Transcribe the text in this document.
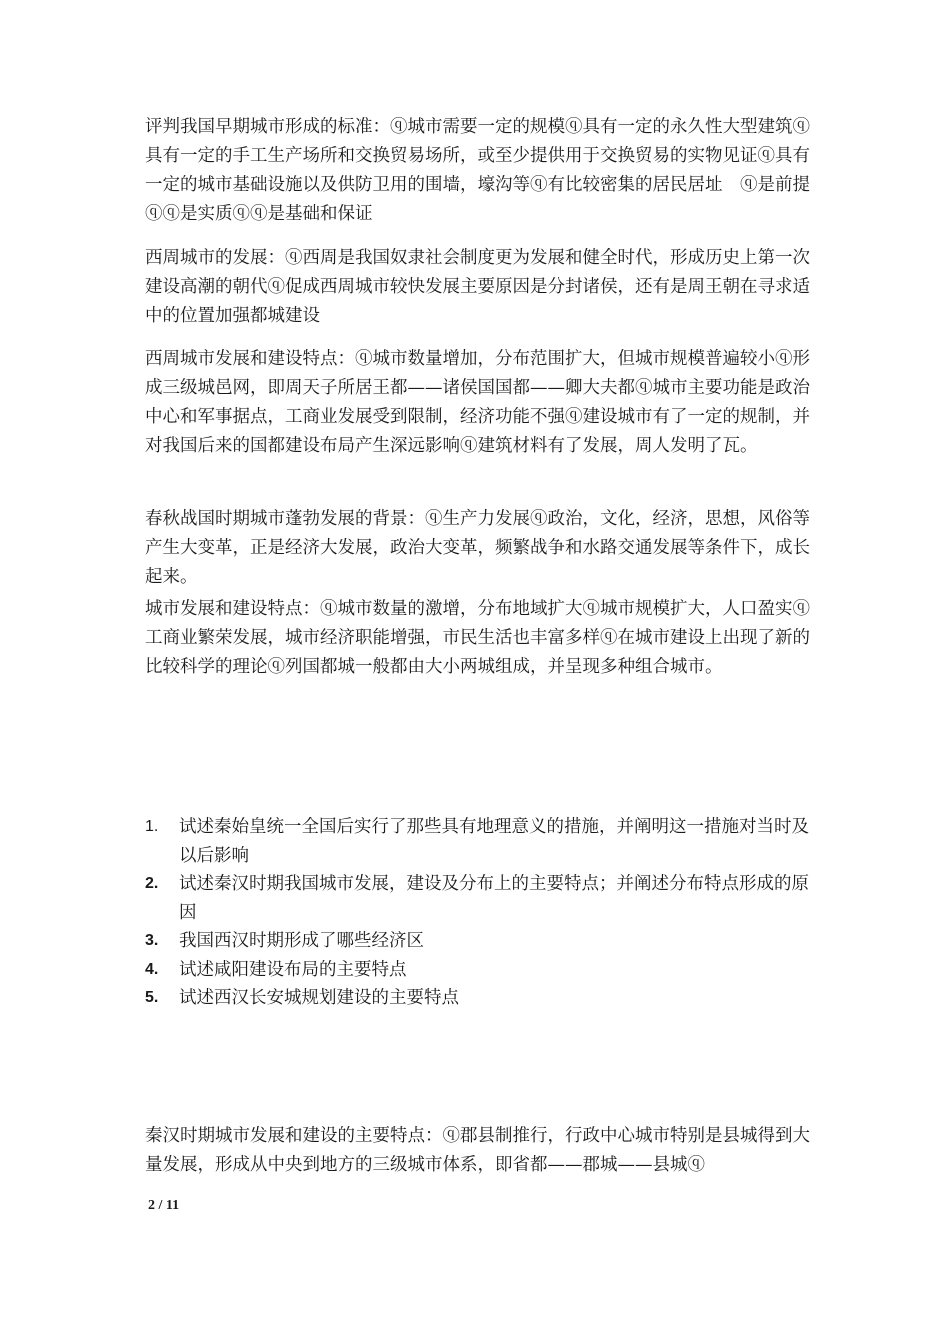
评判我国早期城市形成的标准：ⓠ城市需要一定的规模ⓠ具有一定的永久性大型建筑ⓠ具有一定的手工生产场所和交换贸易场所，或至少提供用于交换贸易的实物见证ⓠ具有一定的城市基础设施以及供防卫用的围墙，壕沟等ⓠ有比较密集的居民居址　ⓠ是前提　ⓠⓠ是实质ⓠⓠ是基础和保证

西周城市的发展：ⓠ西周是我国奴隶社会制度更为发展和健全时代，形成历史上第一次建设高潮的朝代ⓠ促成西周城市较快发展主要原因是分封诸侯，还有是周王朝在寻求适中的位置加强都城建设

西周城市发展和建设特点：ⓠ城市数量增加，分布范围扩大，但城市规模普遍较小ⓠ形成三级城邑网，即周天子所居王都——诸侯国国都——卿大夫都ⓠ城市主要功能是政治中心和军事据点，工商业发展受到限制，经济功能不强ⓠ建设城市有了一定的规制，并对我国后来的国都建设布局产生深远影响ⓠ建筑材料有了发展，周人发明了瓦。

春秋战国时期城市蓬勃发展的背景：ⓠ生产力发展ⓠ政治，文化，经济，思想，风俗等产生大变革，正是经济大发展，政治大变革，频繁战争和水路交通发展等条件下，成长起来。

城市发展和建设特点：ⓠ城市数量的激增，分布地域扩大ⓠ城市规模扩大，人口盈实ⓠ工商业繁荣发展，城市经济职能增强，市民生活也丰富多样ⓠ在城市建设上出现了新的比较科学的理论ⓠ列国都城一般都由大小两城组成，并呈现多种组合城市。

1.	试述秦始皇统一全国后实行了那些具有地理意义的措施，并阐明这一措施对当时及以后影响
2.	试述秦汉时期我国城市发展，建设及分布上的主要特点；并阐述分布特点形成的原因
3.	我国西汉时期形成了哪些经济区
4.	试述咸阳建设布局的主要特点
5.	试述西汉长安城规划建设的主要特点

秦汉时期城市发展和建设的主要特点：ⓠ郡县制推行，行政中心城市特别是县城得到大量发展，形成从中央到地方的三级城市体系，即省都——郡城——县城ⓠ

2 / 11
